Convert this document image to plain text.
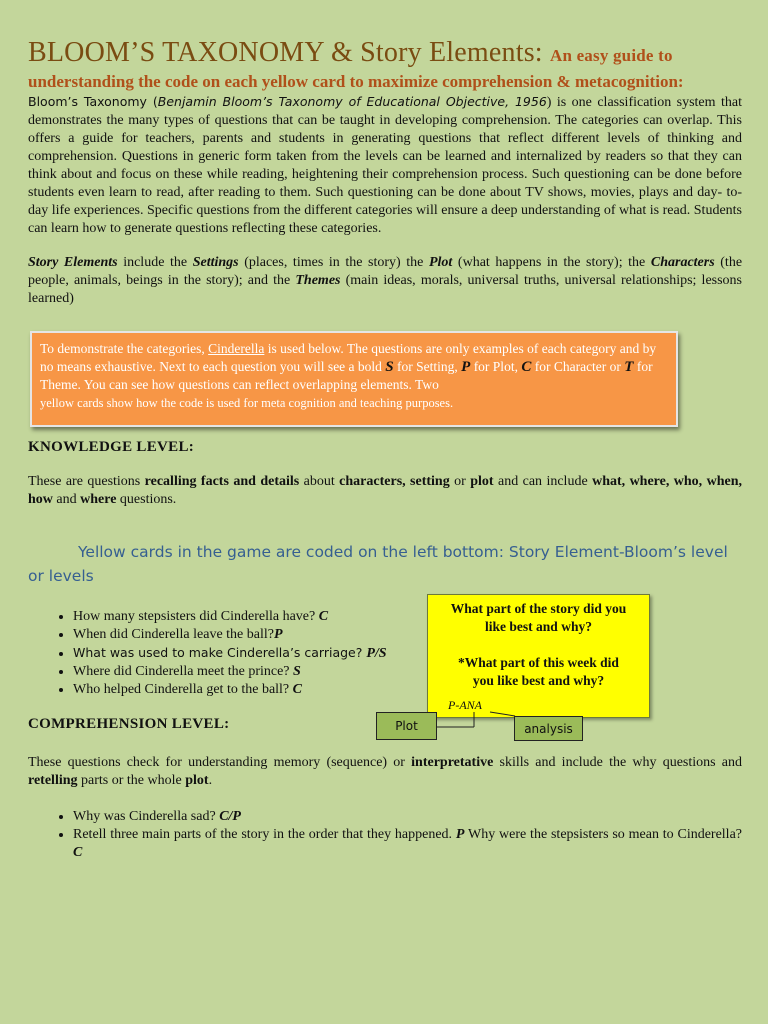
BLOOM’S TAXONOMY & Story Elements: An easy guide to
understanding the code on each yellow card to maximize comprehension & metacognition:

Bloom’s Taxonomy (Benjamin Bloom’s Taxonomy of Educational Objective, 1956) is one classification system that demonstrates the many types of questions that can be taught in developing comprehension. The categories can overlap. This offers a guide for teachers, parents and students in generating questions that reflect different levels of thinking and comprehension. Questions in generic form taken from the levels can be learned and internalized by readers so that they can think about and focus on these while reading, heightening their comprehension process. Such questioning can be done before students even learn to read, after reading to them. Such questioning can be done about TV shows, movies, plays and day- to- day life experiences. Specific questions from the different categories will ensure a deep understanding of what is read. Students can learn how to generate questions reflecting these categories.

Story Elements include the Settings (places, times in the story) the Plot (what happens in the story); the Characters (the people, animals, beings in the story); and the Themes (main ideas, morals, universal truths, universal relationships; lessons learned)

To demonstrate the categories, Cinderella is used below. The questions are only examples of each category and by no means exhaustive. Next to each question you will see a bold S for Setting, P for Plot, C for Character or T for Theme. You can see how questions can reflect overlapping elements. Two
yellow cards show how the code is used for meta cognition and teaching purposes.
KNOWLEDGE LEVEL:

These are questions recalling facts and details about characters, setting or plot and can include what, where, who, when, how and where questions.

Yellow cards in the game are coded on the left bottom: Story Element-Bloom’s level or levels
• How many stepsisters did Cinderella have? C
• When did Cinderella leave the ball?P
• What was used to make Cinderella’s carriage? P/S
• Where did Cinderella meet the prince? S
• Who helped Cinderella get to the ball? C
What part of the story did you like best and why?
*What part of this week did you like best and why?
P-ANA
Plot	analysis
COMPREHENSION LEVEL:

These questions check for understanding memory (sequence) or interpretative skills and include the why questions and retelling parts or the whole plot.

• Why was Cinderella sad? C/P
• Retell three main parts of the story in the order that they happened. P Why were the stepsisters so mean to Cinderella? C
